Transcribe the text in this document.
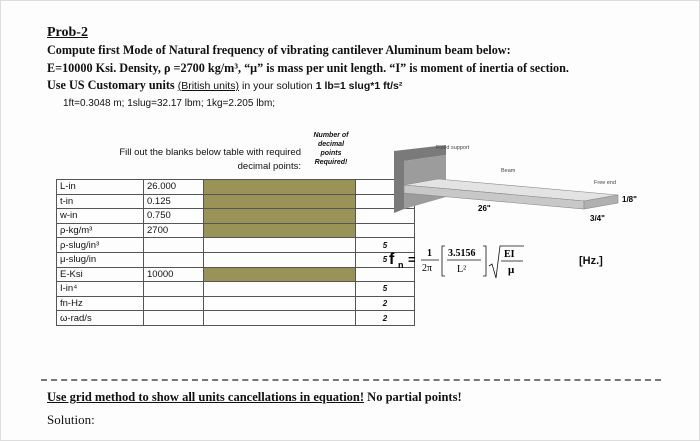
Prob-2
Compute first Mode of Natural frequency of vibrating cantilever Aluminum beam below:
E=10000 Ksi. Density, ρ =2700 kg/m³, “μ” is mass per unit length. “I” is moment of inertia of section.
Use US Customary units (British units) in your solution 1 lb=1 slug*1 ft/s²
1ft=0.3048 m; 1slug=32.17 lbm; 1kg=2.205 lbm;
Fill out the blanks below table with required
decimal points:
Number of
decimal
points
Required!
L-in	26.000		
t-in	0.125		
w-in	0.750		
ρ-kg/m³	2700		
ρ-slug/in³			5
μ-slug/in			5
E-Ksi	10000		
I-in⁴			5
fn-Hz			2
ω-rad/s			2
Fixed support
Beam
Free end
26"
1/8"
3/4"
f n = 1
2π
3.5156
L²
EI
μ
[Hz.]
Use grid method to show all units cancellations in equation! No partial points!
Solution:
